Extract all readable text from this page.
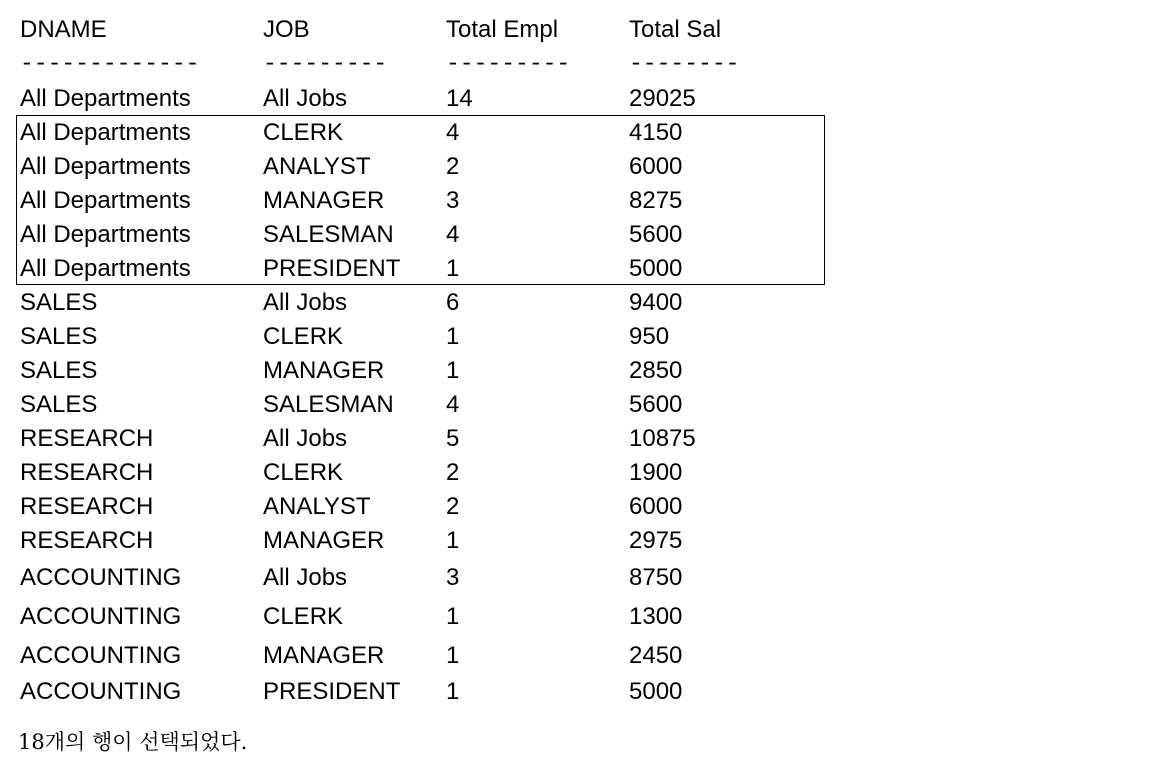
DNAME	JOB	Total Empl	Total Sal
-------------	---------	---------	--------
All Departments	All Jobs	14	29025
All Departments	CLERK	4	4150
All Departments	ANALYST	2	6000
All Departments	MANAGER	3	8275
All Departments	SALESMAN 4	5600
All Departments	PRESIDENT 1	5000
SALES	All Jobs	6	9400
SALES	CLERK	1	950
SALES	MANAGER	1	2850
SALES	SALESMAN 4	5600
RESEARCH	All Jobs	5	10875
RESEARCH	CLERK	2	1900
RESEARCH	ANALYST	2	6000
RESEARCH	MANAGER	1	2975
ACCOUNTING	All Jobs	3	8750
ACCOUNTING	CLERK	1	1300
ACCOUNTING	MANAGER	1	2450
ACCOUNTING	PRESIDENT 1	5000
18개의 행이 선택되었다.
